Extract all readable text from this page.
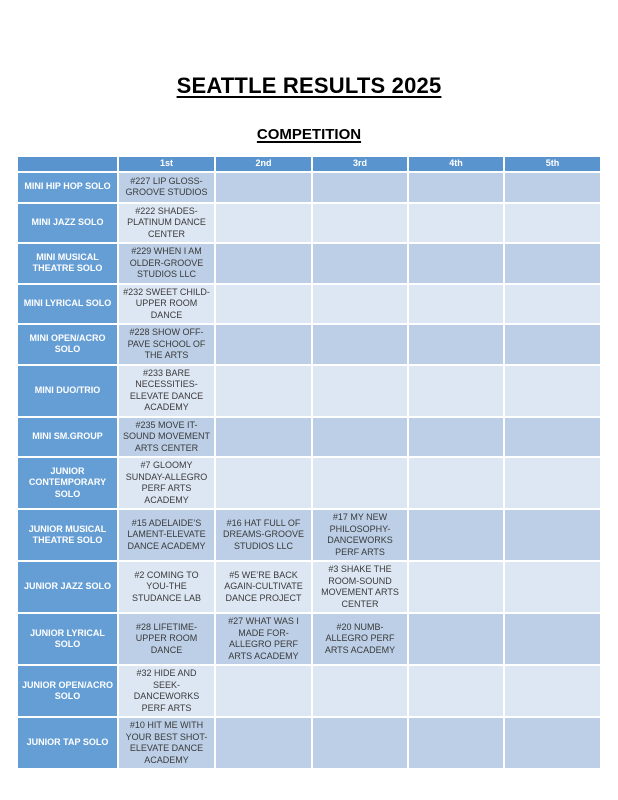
SEATTLE RESULTS 2025
COMPETITION
	1st	2nd	3rd	4th	5th
MINI HIP HOP SOLO	#227 LIP GLOSS-GROOVE STUDIOS				
MINI JAZZ SOLO	#222 SHADES-PLATINUM DANCE CENTER				
MINI MUSICAL THEATRE SOLO	#229 WHEN I AM OLDER-GROOVE STUDIOS LLC				
MINI LYRICAL SOLO	#232 SWEET CHILD-UPPER ROOM DANCE				
MINI OPEN/ACRO SOLO	#228 SHOW OFF-PAVE SCHOOL OF THE ARTS				
MINI DUO/TRIO	#233 BARE NECESSITIES-ELEVATE DANCE ACADEMY				
MINI SM.GROUP	#235 MOVE IT-SOUND MOVEMENT ARTS CENTER				
JUNIOR CONTEMPORARY SOLO	#7 GLOOMY SUNDAY-ALLEGRO PERF ARTS ACADEMY				
JUNIOR MUSICAL THEATRE SOLO	#15 ADELAIDE’S LAMENT-ELEVATE DANCE ACADEMY	#16 HAT FULL OF DREAMS-GROOVE STUDIOS LLC	#17 MY NEW PHILOSOPHY-DANCEWORKS PERF ARTS		
JUNIOR JAZZ SOLO	#2 COMING TO YOU-THE STUDANCE LAB	#5 WE’RE BACK AGAIN-CULTIVATE DANCE PROJECT	#3 SHAKE THE ROOM-SOUND MOVEMENT ARTS CENTER		
JUNIOR LYRICAL SOLO	#28 LIFETIME-UPPER ROOM DANCE	#27 WHAT WAS I MADE FOR-ALLEGRO PERF ARTS ACADEMY	#20 NUMB-ALLEGRO PERF ARTS ACADEMY		
JUNIOR OPEN/ACRO SOLO	#32 HIDE AND SEEK-DANCEWORKS PERF ARTS				
JUNIOR TAP SOLO	#10 HIT ME WITH YOUR BEST SHOT-ELEVATE DANCE ACADEMY				
